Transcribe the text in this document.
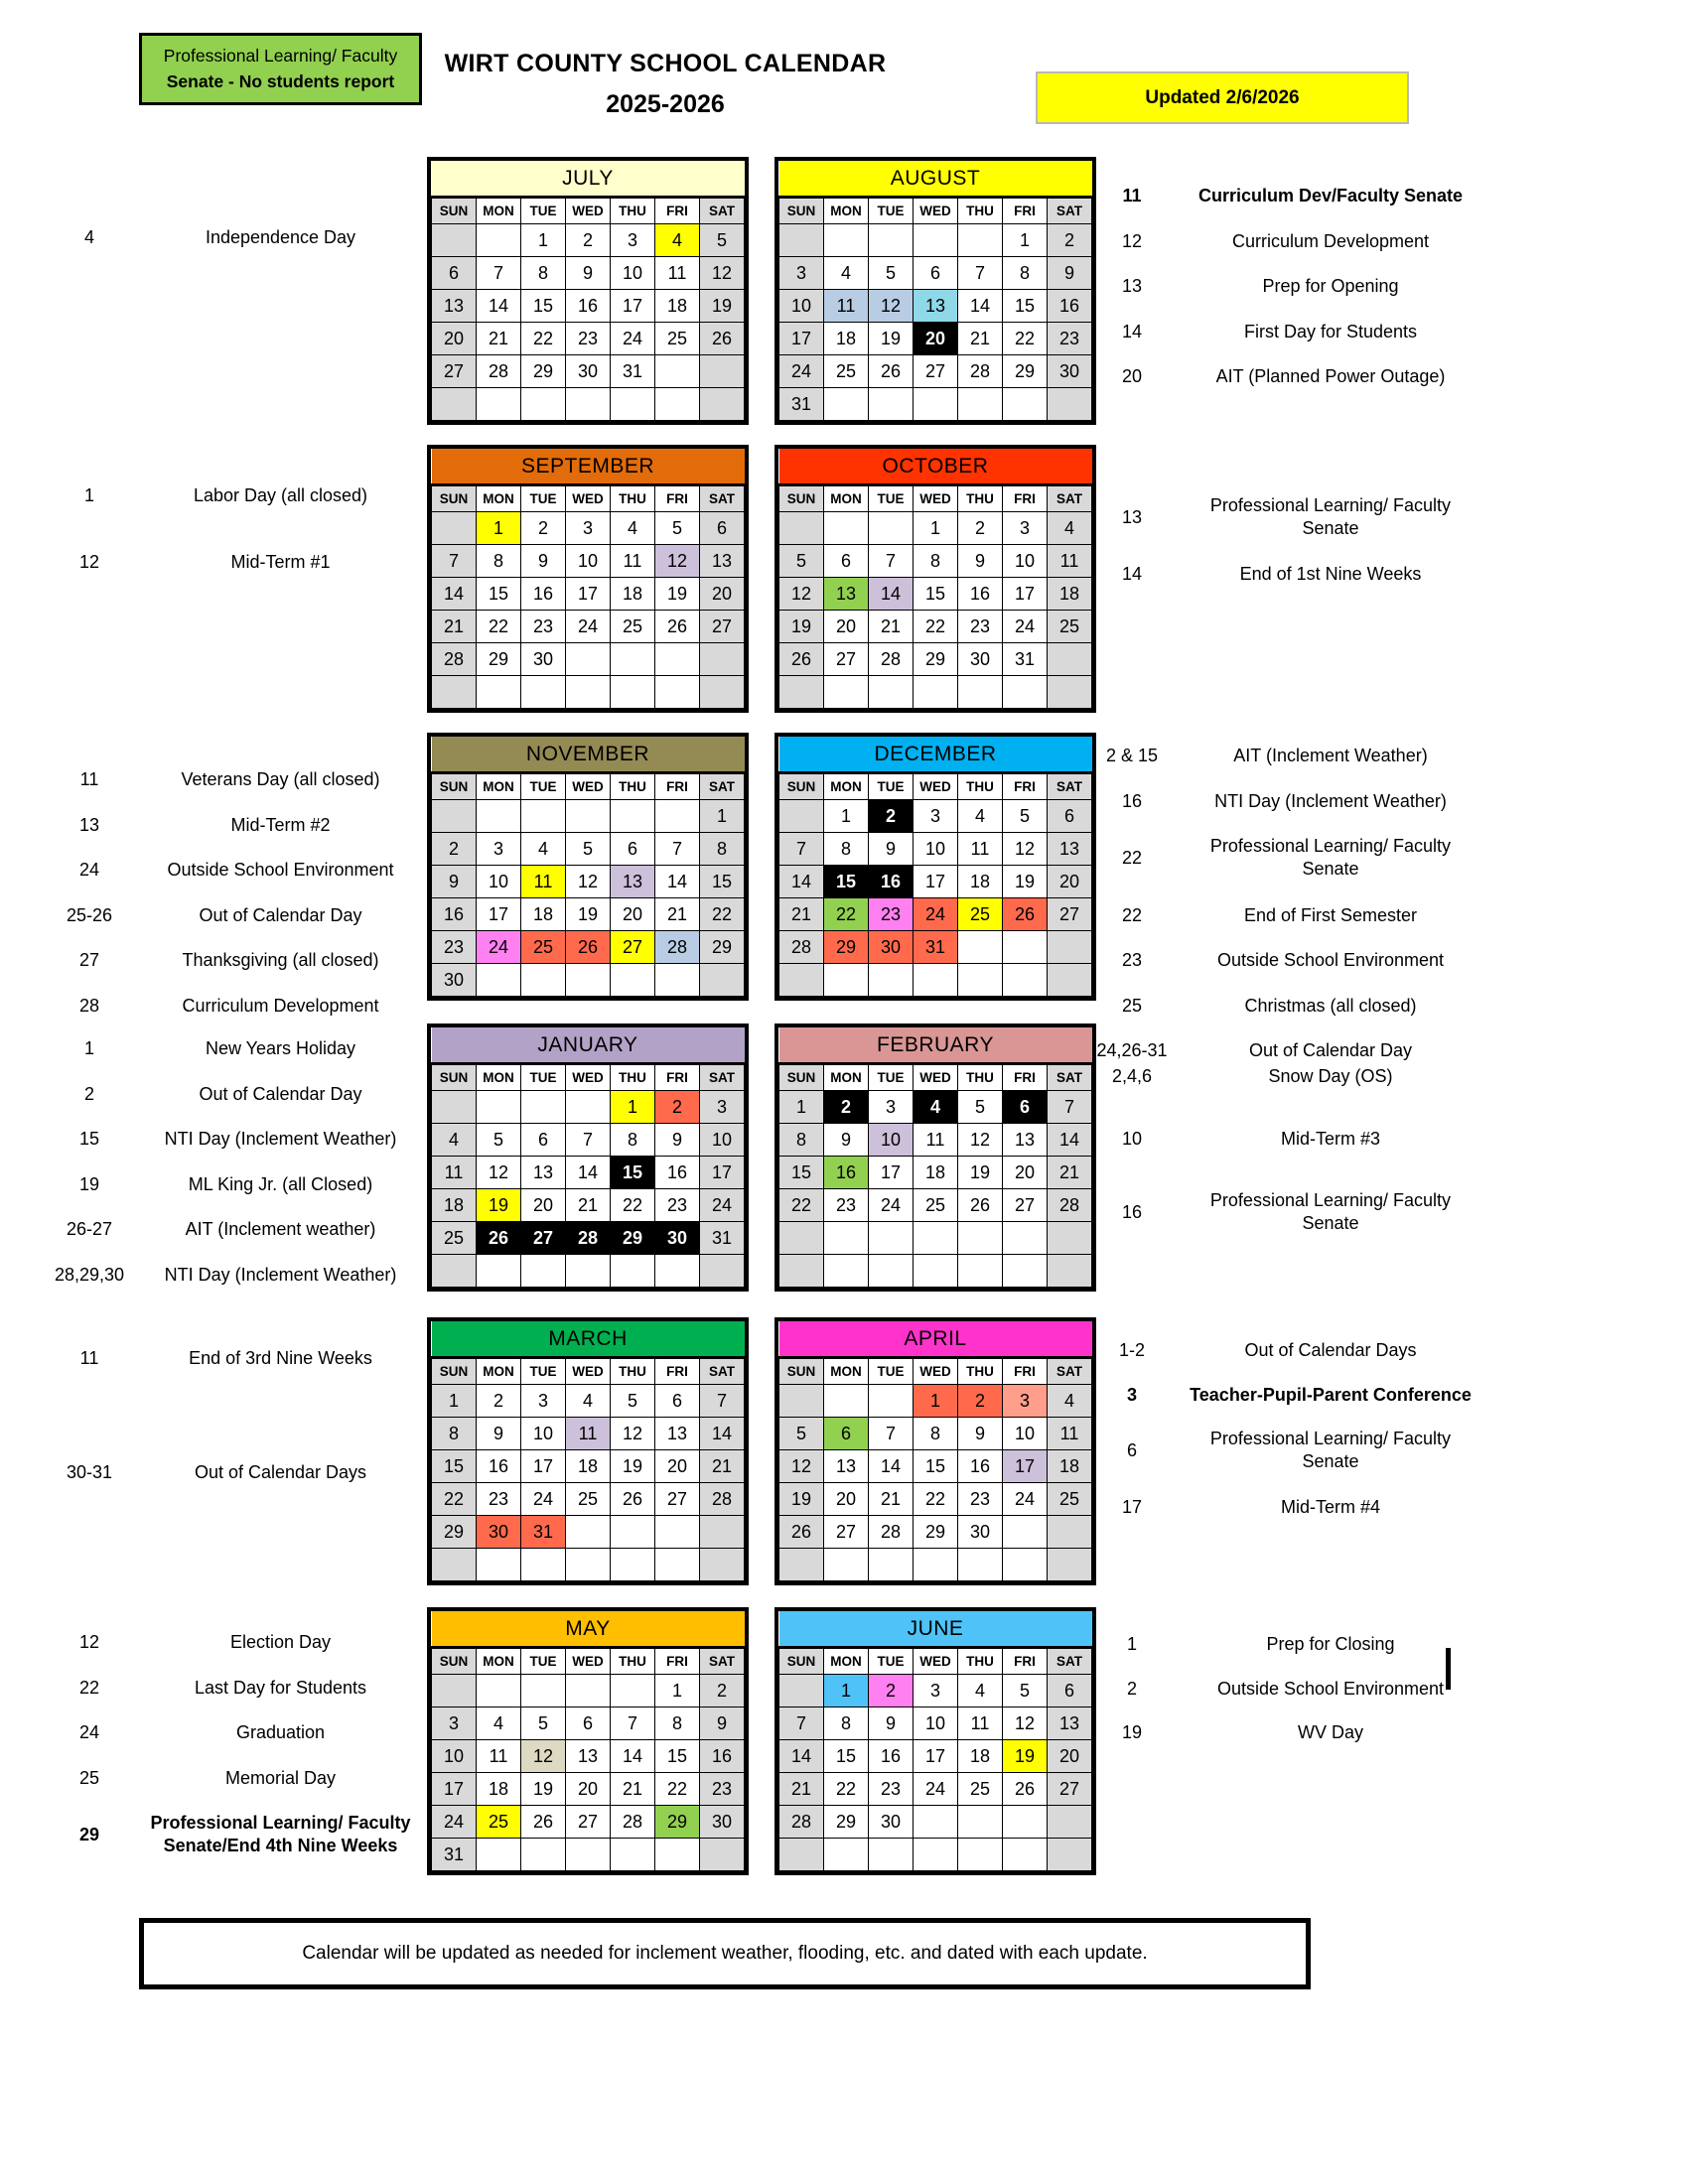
WIRT COUNTY SCHOOL CALENDAR
2025-2026	Updated 2/6/2026
JULY						
SUN	MON	TUE	WED	THU	FRI	SAT
		1	2	3	4	5
6	7	8	9	10	11	12
13	14	15	16	17	18	19
20	21	22	23	24	25	26
27	28	29	30	31		

4	Independence Day
AUGUST						
SUN	MON	TUE	WED	THU	FRI	SAT
					1	2
3	4	5	6	7	8	9
10	11	12	13	14	15	16
17	18	19	20	21	22	23
24	25	26	27	28	29	30
31						
11	Curriculum Dev/Faculty Senate
12	Curriculum Development
13	Prep for Opening
14	First Day for Students
20	AIT (Planned Power Outage)
SEPTEMBER						
SUN	MON	TUE	WED	THU	FRI	SAT
	1	2	3	4	5	6
7	8	9	10	11	12	13
14	15	16	17	18	19	20
21	22	23	24	25	26	27
28	29	30				

1	Labor Day (all closed)
12	Mid-Term #1
OCTOBER						
SUN	MON	TUE	WED	THU	FRI	SAT
			1	2	3	4
5	6	7	8	9	10	11
12	13	14	15	16	17	18
19	20	21	22	23	24	25
26	27	28	29	30	31	

13
Professional Learning/ Faculty Senate
14	End of 1st Nine Weeks
NOVEMBER						
SUN	MON	TUE	WED	THU	FRI	SAT
						1
2	3	4	5	6	7	8
9	10	11	12	13	14	15
16	17	18	19	20	21	22
23	24	25	26	27	28	29
30						
11	Veterans Day (all closed)
13	Mid-Term #2
24	Outside School Environment
25-26	Out of Calendar Day
27	Thanksgiving (all closed)
28	Curriculum Development
DECEMBER						
SUN	MON	TUE	WED	THU	FRI	SAT
	1	2	3	4	5	6
7	8	9	10	11	12	13
14	15	16	17	18	19	20
21	22	23	24	25	26	27
28	29	30	31			

2 & 15	AIT (Inclement Weather)
16	NTI Day (Inclement Weather)
22
Professional Learning/ Faculty Senate
22	End of First Semester
23	Outside School Environment
25	Christmas (all closed)
24,26-31	Out of Calendar Day
JANUARY						
SUN	MON	TUE	WED	THU	FRI	SAT
				1	2	3
4	5	6	7	8	9	10
11	12	13	14	15	16	17
18	19	20	21	22	23	24
25	26	27	28	29	30	31

1	New Years Holiday
2	Out of Calendar Day
15	NTI Day (Inclement Weather)
19	ML King Jr. (all Closed)
26-27	AIT (Inclement weather)
28,29,30	NTI Day (Inclement Weather)
FEBRUARY						
SUN	MON	TUE	WED	THU	FRI	SAT
1	2	3	4	5	6	7
8	9	10	11	12	13	14
15	16	17	18	19	20	21
22	23	24	25	26	27	28

2,4,6	Snow Day (OS)
10	Mid-Term #3
16
Professional Learning/ Faculty Senate
MARCH						
SUN	MON	TUE	WED	THU	FRI	SAT
1	2	3	4	5	6	7
8	9	10	11	12	13	14
15	16	17	18	19	20	21
22	23	24	25	26	27	28
29	30	31				

11	End of 3rd Nine Weeks
30-31	Out of Calendar Days
APRIL						
SUN	MON	TUE	WED	THU	FRI	SAT
			1	2	3	4
5	6	7	8	9	10	11
12	13	14	15	16	17	18
19	20	21	22	23	24	25
26	27	28	29	30		

1-2	Out of Calendar Days
3	Teacher-Pupil-Parent Conference
6
Professional Learning/ Faculty Senate
17	Mid-Term #4
MAY						
SUN	MON	TUE	WED	THU	FRI	SAT
					1	2
3	4	5	6	7	8	9
10	11	12	13	14	15	16
17	18	19	20	21	22	23
24	25	26	27	28	29	30
31						
12	Election Day
22	Last Day for Students
24	Graduation
25	Memorial Day
29
Professional Learning/ Faculty Senate/End 4th Nine Weeks
JUNE						
SUN	MON	TUE	WED	THU	FRI	SAT
	1	2	3	4	5	6
7	8	9	10	11	12	13
14	15	16	17	18	19	20
21	22	23	24	25	26	27
28	29	30				

1	Prep for Closing
2	Outside School Environment
19	WV Day
Professional Learning/ Faculty
Senate - No students report
Calendar will be updated as needed for inclement weather, flooding, etc. and dated with each update.
